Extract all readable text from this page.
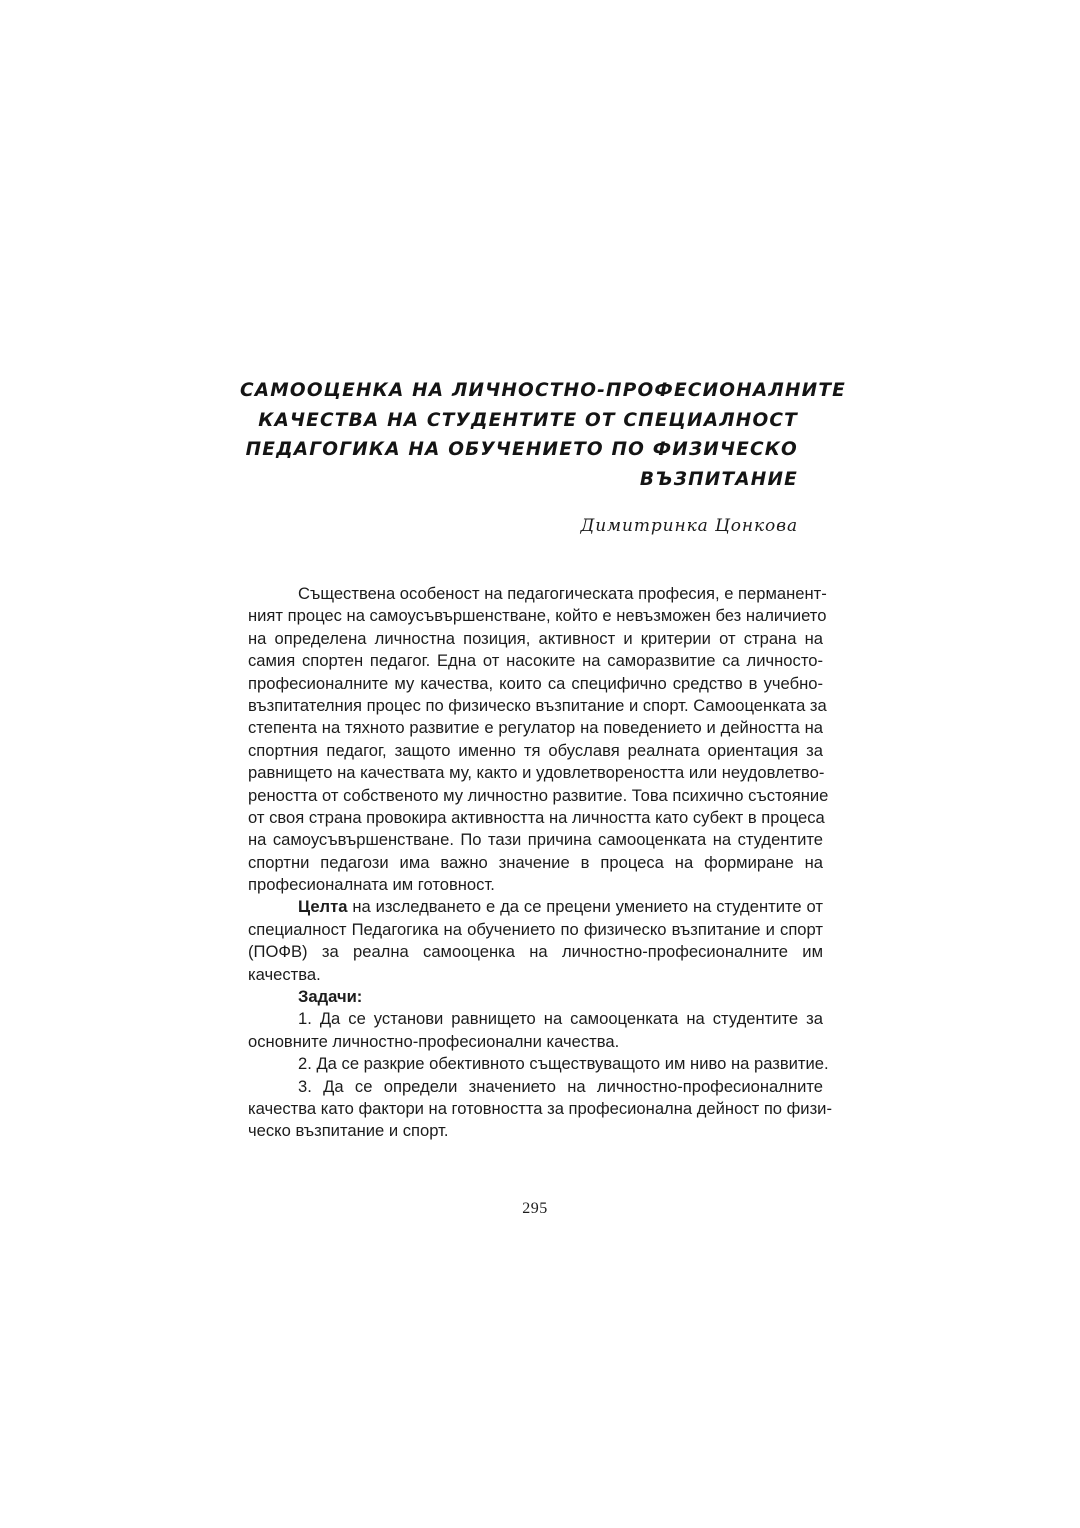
САМООЦЕНКА НА ЛИЧНОСТНО-ПРОФЕСИОНАЛНИТЕ
КАЧЕСТВА НА СТУДЕНТИТЕ ОТ СПЕЦИАЛНОСТ
ПЕДАГОГИКА НА ОБУЧЕНИЕТО ПО ФИЗИЧЕСКО
ВЪЗПИТАНИЕ
Димитринка Цонкова
Съществена особеност на педагогическата професия, е перманент-
ният процес на самоусъвършенстване, който е невъзможен без наличието
на определена личностна позиция, активност и критерии от страна на
самия спортен педагог. Една от насоките на саморазвитие са личносто-
професионалните му качества, които са специфично средство в учебно-
възпитателния процес по физическо възпитание и спорт. Самооценката за
степента на тяхното развитие е регулатор на поведението и дейността на
спортния педагог, защото именно тя обуславя реалната ориентация за
равнището на качествата му, както и удовлетвореността или неудовлетво-
реността от собственото му личностно развитие. Това психично състояние
от своя страна провокира активността на личността като субект в процеса
на самоусъвършенстване. По тази причина самооценката на студентите
спортни педагози има важно значение в процеса на формиране на
професионалната им готовност.
Целта на изследването е да се прецени умението на студентите от
специалност Педагогика на обучението по физическо възпитание и спорт
(ПОФВ) за реална самооценка на личностно-професионалните им
качества.
Задачи:
1. Да се установи равнището на самооценката на студентите за
основните личностно-професионални качества.
2. Да се разкрие обективното съществуващото им ниво на развитие.
3. Да се определи значението на личностно-професионалните
качества като фактори на готовността за професионална дейност по физи-
ческо възпитание и спорт.
295
